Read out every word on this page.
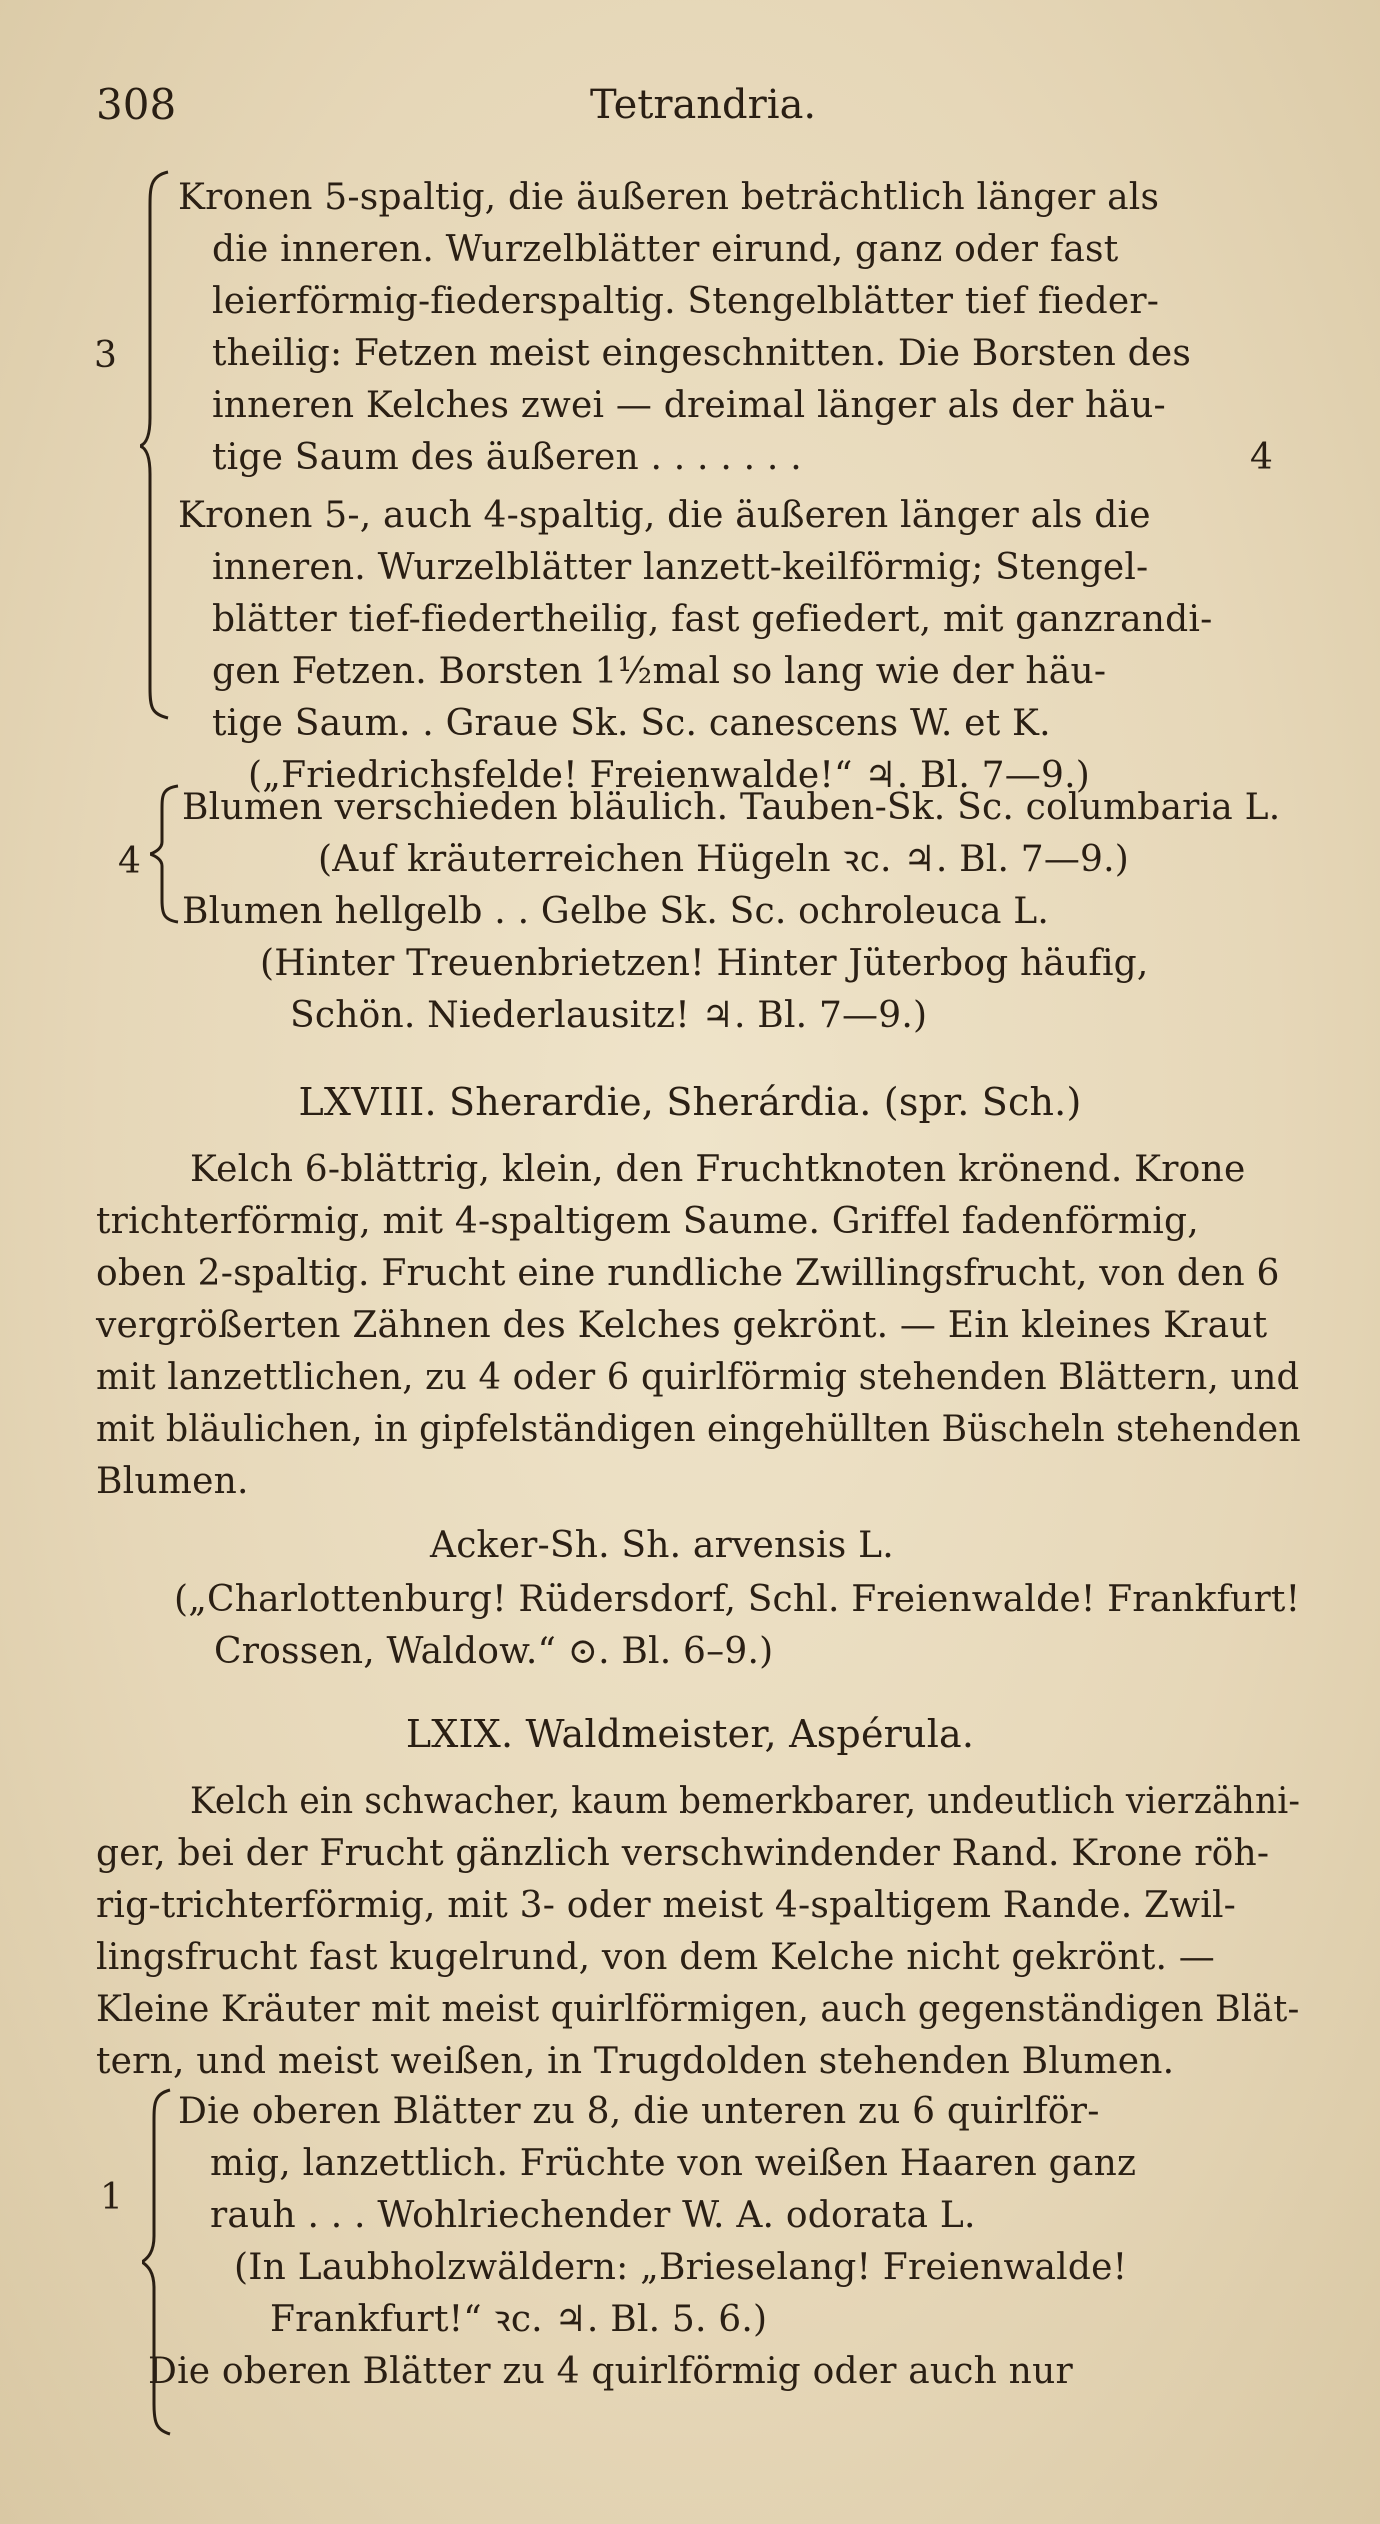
308	Tetrandria.
3
Kronen 5-spaltig, die äußeren beträchtlich länger als
die inneren. Wurzelblätter eirund, ganz oder fast
leierförmig-fiederspaltig. Stengelblätter tief fieder-
theilig: Fetzen meist eingeschnitten. Die Borsten des
inneren Kelches zwei — dreimal länger als der häu-
tige Saum des äußeren . . . . . . .	4
Kronen 5-, auch 4-spaltig, die äußeren länger als die
inneren. Wurzelblätter lanzett-keilförmig; Stengel-
blätter tief-fiedertheilig, fast gefiedert, mit ganzrandi-
gen Fetzen. Borsten 1½mal so lang wie der häu-
tige Saum. . Graue Sk. Sc. canescens W. et K.
(„Friedrichsfelde! Freienwalde!“ ♃. Bl. 7—9.)
4
Blumen verschieden bläulich. Tauben-Sk. Sc. columbaria L.
(Auf kräuterreichen Hügeln ꝛc. ♃. Bl. 7—9.)
Blumen hellgelb . . Gelbe Sk. Sc. ochroleuca L.
(Hinter Treuenbrietzen! Hinter Jüterbog häufig,
Schön. Niederlausitz! ♃. Bl. 7—9.)
LXVIII. Sherardie, Sherárdia. (spr. Sch.)
Kelch 6-blättrig, klein, den Fruchtknoten krönend. Krone
trichterförmig, mit 4-spaltigem Saume. Griffel fadenförmig,
oben 2-spaltig. Frucht eine rundliche Zwillingsfrucht, von den 6
vergrößerten Zähnen des Kelches gekrönt. — Ein kleines Kraut
mit lanzettlichen, zu 4 oder 6 quirlförmig stehenden Blättern, und
mit bläulichen, in gipfelständigen eingehüllten Büscheln stehenden
Blumen.
Acker-Sh. Sh. arvensis L.
(„Charlottenburg! Rüdersdorf, Schl. Freienwalde! Frankfurt!
Crossen, Waldow.“ ⊙. Bl. 6–9.)
LXIX. Waldmeister, Aspérula.
Kelch ein schwacher, kaum bemerkbarer, undeutlich vierzähni-
ger, bei der Frucht gänzlich verschwindender Rand. Krone röh-
rig-trichterförmig, mit 3- oder meist 4-spaltigem Rande. Zwil-
lingsfrucht fast kugelrund, von dem Kelche nicht gekrönt. —
Kleine Kräuter mit meist quirlförmigen, auch gegenständigen Blät-
tern, und meist weißen, in Trugdolden stehenden Blumen.
1
Die oberen Blätter zu 8, die unteren zu 6 quirlför-
mig, lanzettlich. Früchte von weißen Haaren ganz
rauh . . . Wohlriechender W. A. odorata L.
(In Laubholzwäldern: „Brieselang! Freienwalde!
Frankfurt!“ ꝛc. ♃. Bl. 5. 6.)
Die oberen Blätter zu 4 quirlförmig oder auch nur
